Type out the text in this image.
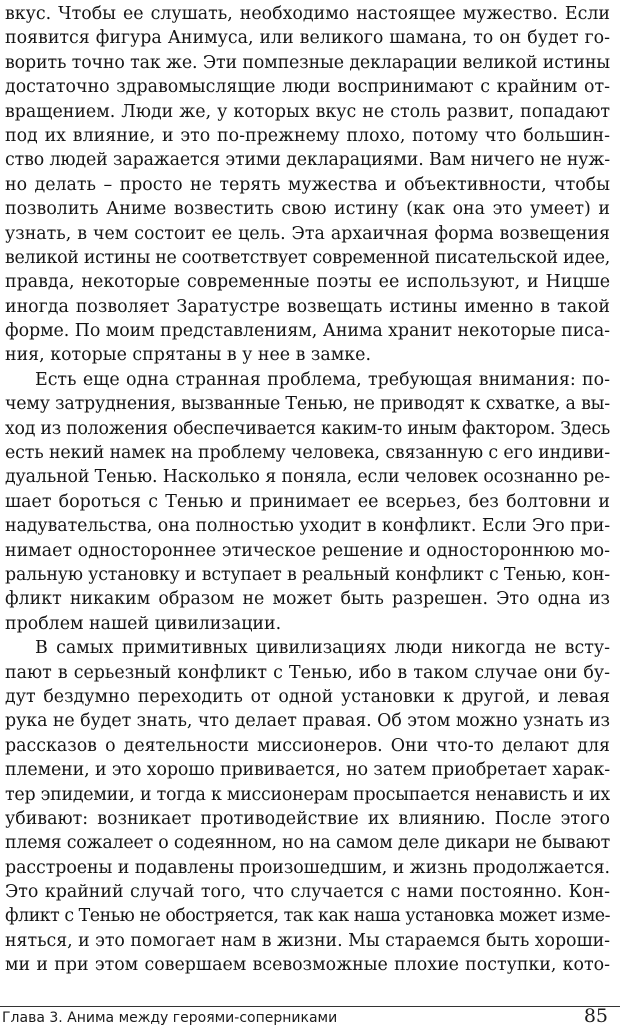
вкус. Чтобы ее слушать, необходимо настоящее мужество. Если
появится фигура Анимуса, или великого шамана, то он будет го-
ворить точно так же. Эти помпезные декларации великой истины
достаточно здравомыслящие люди воспринимают с крайним от-
вращением. Люди же, у которых вкус не столь развит, попадают
под их влияние, и это по-прежнему плохо, потому что большин-
ство людей заражается этими декларациями. Вам ничего не нуж-
но делать – просто не терять мужества и объективности, чтобы
позволить Аниме возвестить свою истину (как она это умеет) и
узнать, в чем состоит ее цель. Эта архаичная форма возвещения
великой истины не соответствует современной писательской идее,
правда, некоторые современные поэты ее используют, и Ницше
иногда позволяет Заратустре возвещать истины именно в такой
форме. По моим представлениям, Анима хранит некоторые писа-
ния, которые спрятаны в у нее в замке.
Есть еще одна странная проблема, требующая внимания: по-
чему затруднения, вызванные Тенью, не приводят к схватке, а вы-
ход из положения обеспечивается каким-то иным фактором. Здесь
есть некий намек на проблему человека, связанную с его индиви-
дуальной Тенью. Насколько я поняла, если человек осознанно ре-
шает бороться с Тенью и принимает ее всерьез, без болтовни и
надувательства, она полностью уходит в конфликт. Если Эго при-
нимает одностороннее этическое решение и одностороннюю мо-
ральную установку и вступает в реальный конфликт с Тенью, кон-
фликт никаким образом не может быть разрешен. Это одна из
проблем нашей цивилизации.
В самых примитивных цивилизациях люди никогда не всту-
пают в серьезный конфликт с Тенью, ибо в таком случае они бу-
дут бездумно переходить от одной установки к другой, и левая
рука не будет знать, что делает правая. Об этом можно узнать из
рассказов о деятельности миссионеров. Они что-то делают для
племени, и это хорошо прививается, но затем приобретает харак-
тер эпидемии, и тогда к миссионерам просыпается ненависть и их
убивают: возникает противодействие их влиянию. После этого
племя сожалеет о содеянном, но на самом деле дикари не бывают
расстроены и подавлены произошедшим, и жизнь продолжается.
Это крайний случай того, что случается с нами постоянно. Кон-
фликт с Тенью не обостряется, так как наша установка может изме-
няться, и это помогает нам в жизни. Мы стараемся быть хороши-
ми и при этом совершаем всевозможные плохие поступки, кото-
Глава 3. Анима между героями-соперниками	85
